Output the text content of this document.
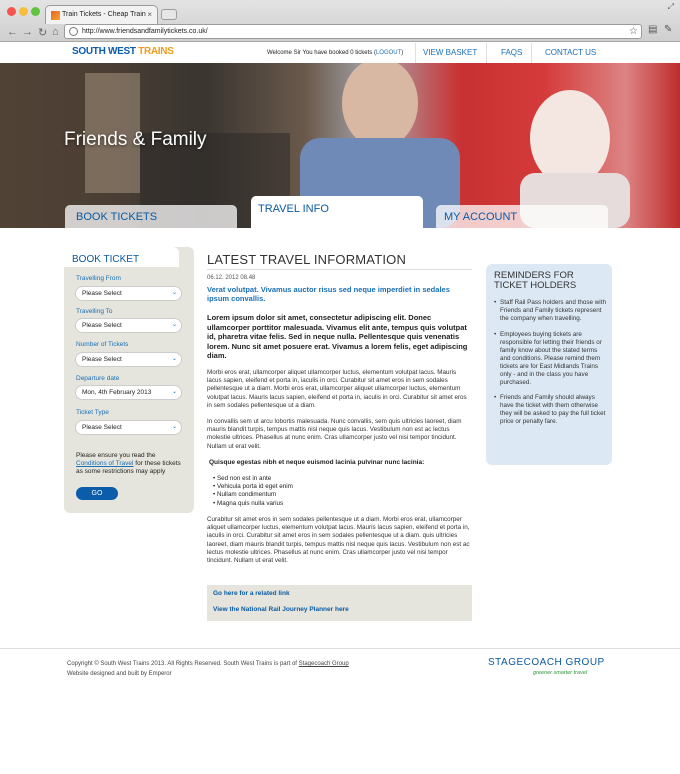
Train Tickets - Cheap Train ×
⤢
← → ↻ ⌂	http://www.friendsandfamilytickets.co.uk/	☆ ▤ ✎
SOUTH WEST TRAINS	Welcome Sir You have booked 0 tickets (LOGOUT) VIEW BASKET	FAQS	CONTACT US
Friends & Family
BOOK TICKETS
TRAVEL INFO
MY ACCOUNT
BOOK TICKET
Travelling From
Please Select	⌄
Travelling To
Please Select	⌄
Number of Tickets
Please Select	⌄
Departure date
Mon, 4th February 2013	⌄
Ticket Type
Please Select	⌄
Please ensure you read the
Conditions of Travel for these tickets as some restrictions may apply
GO
LATEST TRAVEL INFORMATION
06.12. 2012 08.48
Verat volutpat. Vivamus auctor risus sed neque imperdiet in sedales ipsum convallis.
Lorem ipsum dolor sit amet, consectetur adipiscing elit. Donec ullamcorper porttitor malesuada. Vivamus elit ante, tempus quis volutpat id, pharetra vitae felis. Sed in neque nulla. Pellentesque quis venenatis lorem. Nunc sit amet posuere erat. Vivamus a lorem felis, eget adipiscing diam.
Morbi eros erat, ullamcorper aliquet ullamcorper luctus, elementum volutpat lacus. Mauris lacus sapien, eleifend et porta in, iaculis in orci. Curabitur sit amet eros in sem sodales pellentesque ut a diam. Morbi eros erat, ullamcorper aliquet ullamcorper luctus, elementum volutpat lacus. Mauris lacus sapien, eleifend et porta in, iaculis in orci. Curabitur sit amet eros in sem sodales pellentesque ut a diam.
In convallis sem ut arcu lobortis malesuada. Nunc convallis, sem quis ultricies laoreet, diam mauris blandit turpis, tempus mattis nisl neque quis lacus. Vestibulum non est ac lectus molestie ultrices. Phasellus at nunc enim. Cras ullamcorper justo vel nisi tempor tincidunt. Nullam ut erat velit.
Quisque egestas nibh et neque euismod lacinia pulvinar nunc lacinia:
• Sed non est in ante
• Vehicula porta id eget enim
• Nullam condimentum
• Magna quis nulla varius
Curabitur sit amet eros in sem sodales pellentesque ut a diam. Morbi eros erat, ullamcorper aliquet ullamcorper luctus, elementum volutpat lacus. Mauris lacus sapien, eleifend et porta in, iaculis in orci. Curabitur sit amet eros in sem sodales pellentesque ut a diam. quis ultricies laoreet, diam mauris blandit turpis, tempus mattis nisl neque quis lacus. Vestibulum non est ac lectus molestie ultrices. Phasellus at nunc enim. Cras ullamcorper justo vel nisi tempor tincidunt. Nullam ut erat velit.
Go here for a related link
View the National Rail Journey Planner here
REMINDERS FOR TICKET HOLDERS
• Staff Rail Pass holders and those with Friends and Family tickets represent the company when travelling.
• Employees buying tickets are responsible for letting their friends or family know about the stated terms and conditions. Please remind them tickets are for East Midlands Trains only - and in the class you have purchased.
• Friends and Family should always have the ticket with them otherwise they will be asked to pay the full ticket price or penalty fare.
Copyright © South West Trains 2013. All Rights Reserved. South West Trains is part of Stagecoach Group
Website designed and built by Emperor
STAGECOACH GROUP
greener smarter travel
